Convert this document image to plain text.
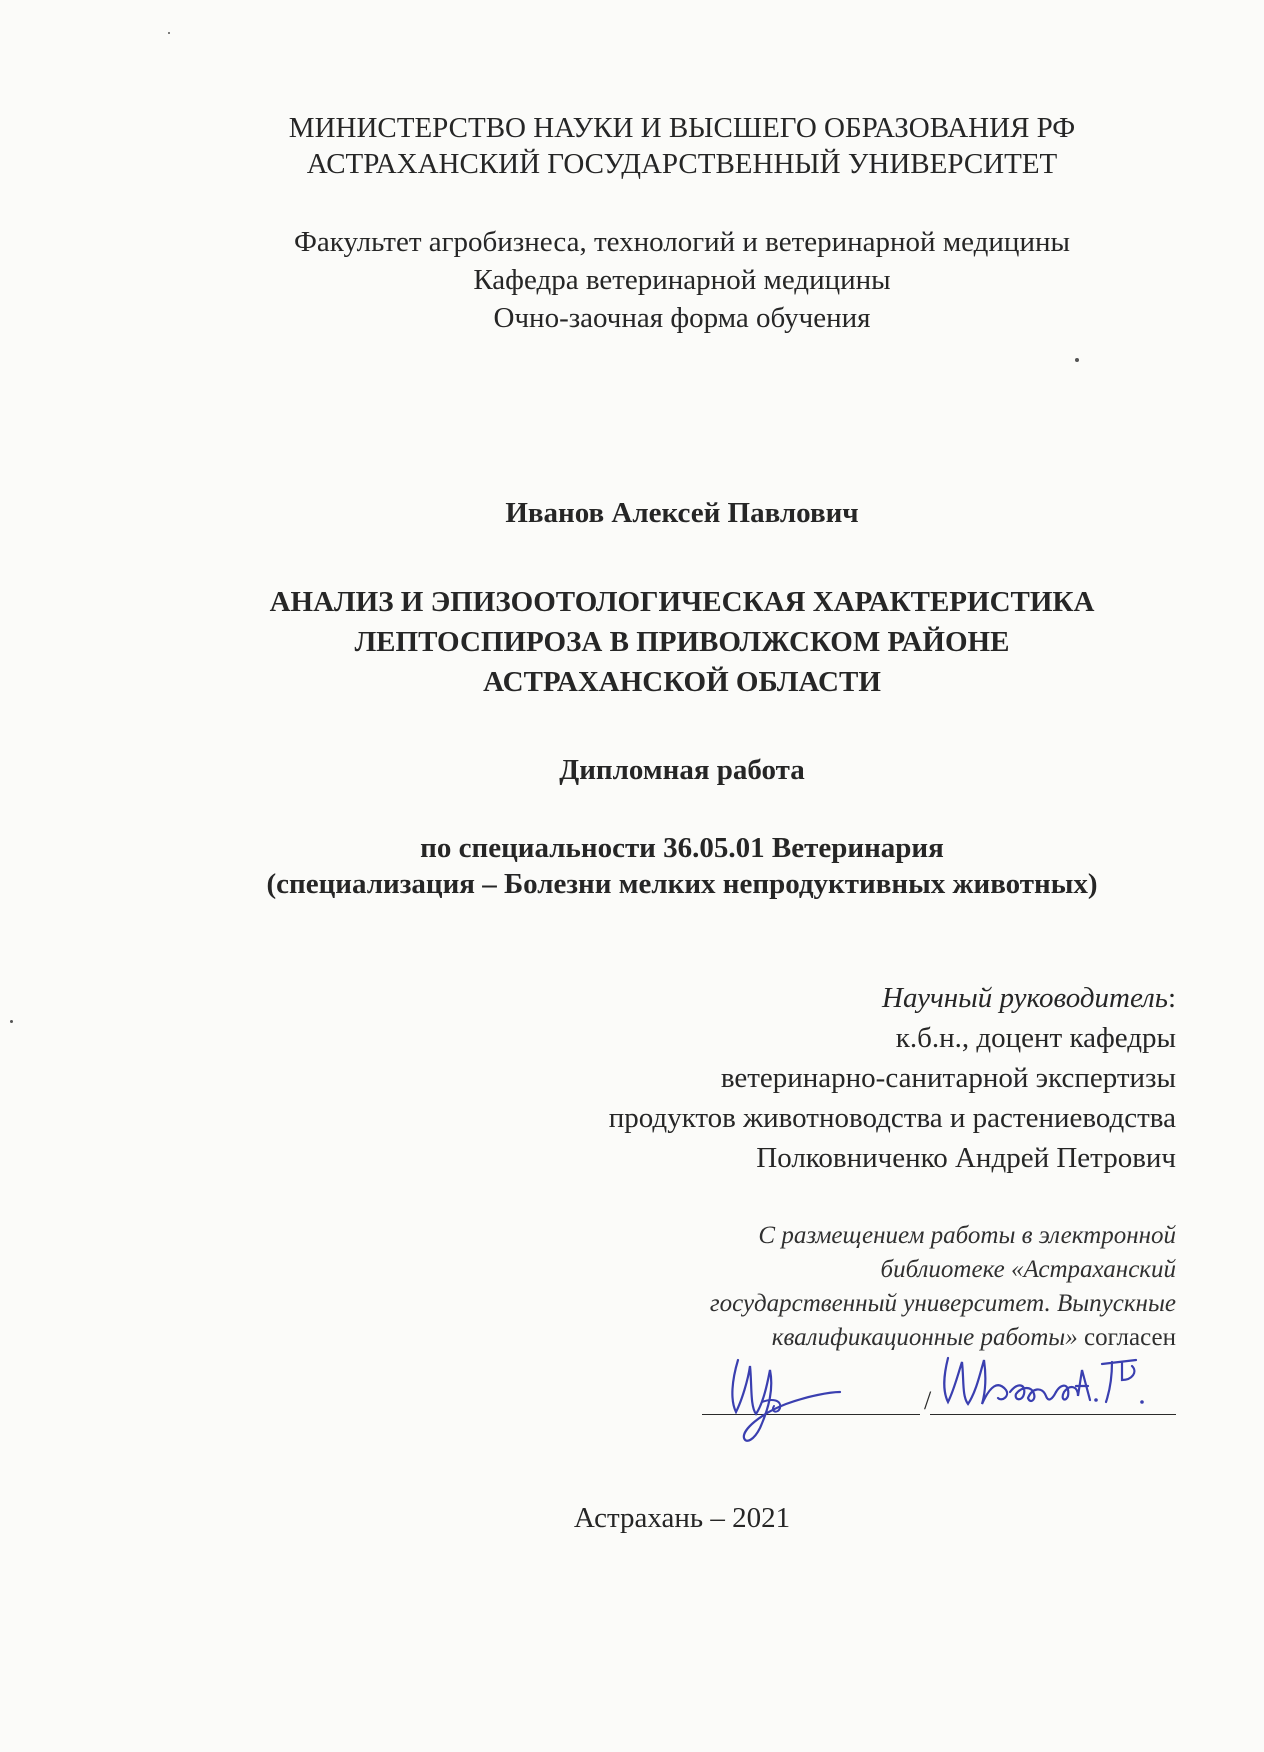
МИНИСТЕРСТВО НАУКИ И ВЫСШЕГО ОБРАЗОВАНИЯ РФ
АСТРАХАНСКИЙ ГОСУДАРСТВЕННЫЙ УНИВЕРСИТЕТ
Факультет агробизнеса, технологий и ветеринарной медицины
Кафедра ветеринарной медицины
Очно-заочная форма обучения
Иванов Алексей Павлович
АНАЛИЗ И ЭПИЗООТОЛОГИЧЕСКАЯ ХАРАКТЕРИСТИКА
ЛЕПТОСПИРОЗА В ПРИВОЛЖСКОМ РАЙОНЕ
АСТРАХАНСКОЙ ОБЛАСТИ
Дипломная работа
по специальности 36.05.01 Ветеринария
(специализация – Болезни мелких непродуктивных животных)
Научный руководитель:
к.б.н., доцент кафедры
ветеринарно-санитарной экспертизы
продуктов животноводства и растениеводства
Полковниченко Андрей Петрович
С размещением работы в электронной
библиотеке «Астраханский
государственный университет. Выпускные
квалификационные работы» согласен
/
Астрахань – 2021
